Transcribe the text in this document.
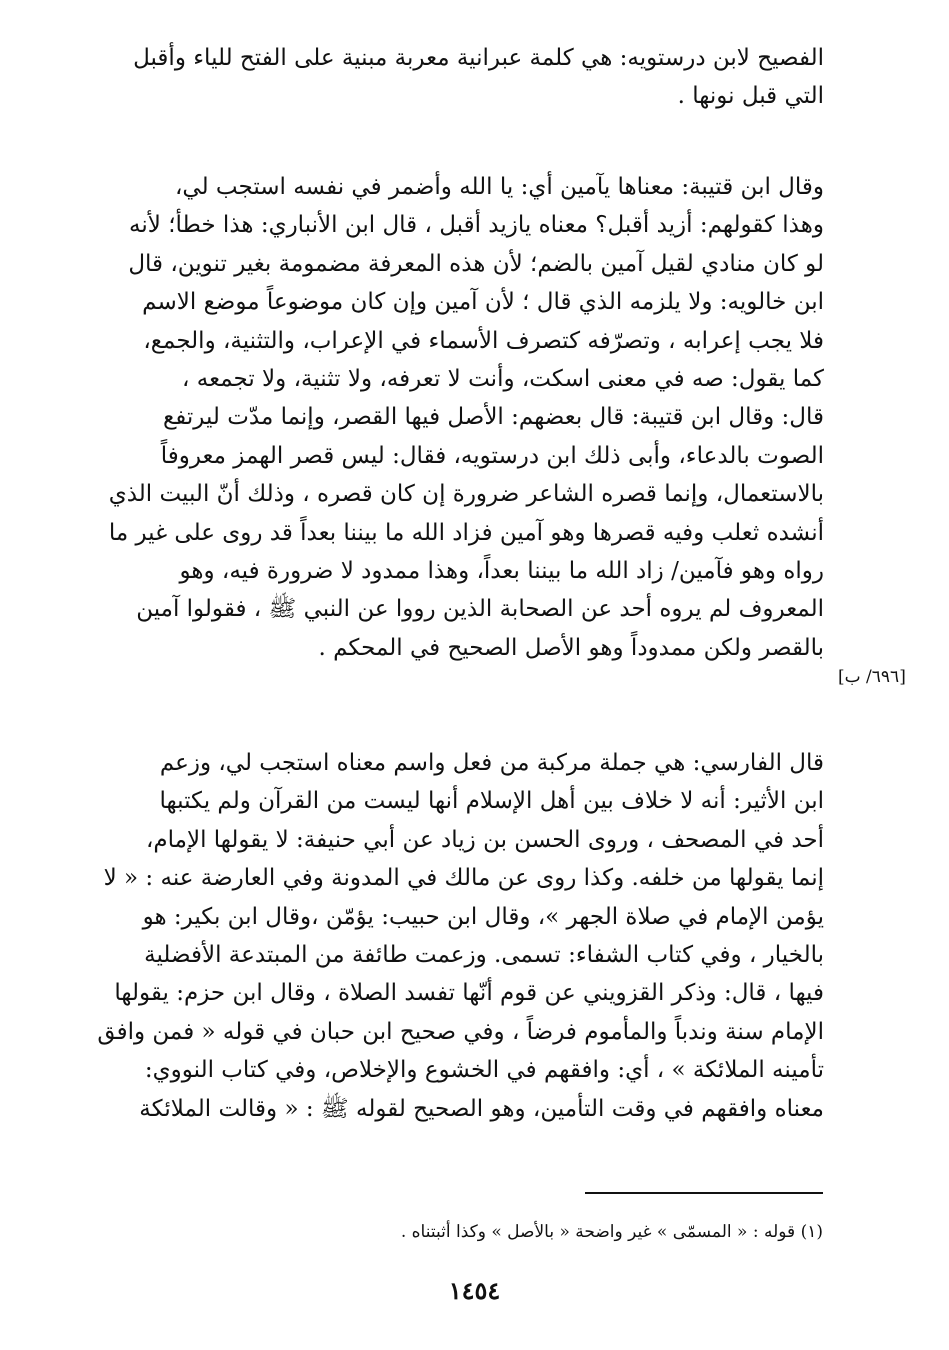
الفصيح لابن درستويه: هي كلمة عبرانية معربة مبنية على الفتح للياء وأقبل
التي قبل نونها .
وقال ابن قتيبة: معناها يآمين أي: يا الله وأضمر في نفسه استجب لي،
وهذا كقولهم: أزيد أقبل؟ معناه يازيد أقبل ، قال ابن الأنباري: هذا خطأ؛ لأنه
لو كان منادي لقيل آمين بالضم؛ لأن هذه المعرفة مضمومة بغير تنوين، قال
ابن خالويه: ولا يلزمه الذي قال ؛ لأن آمين وإن كان موضوعاً موضع الاسم
فلا يجب إعرابه ، وتصرّفه كتصرف الأسماء في الإعراب، والتثنية، والجمع،
كما يقول: صه في معنى اسكت، وأنت لا تعرفه، ولا تثنية، ولا تجمعه ،
قال: وقال ابن قتيبة: قال بعضهم: الأصل فيها القصر، وإنما مدّت ليرتفع
الصوت بالدعاء، وأبى ذلك ابن درستويه، فقال: ليس قصر الهمز معروفاً
بالاستعمال، وإنما قصره الشاعر ضرورة إن كان قصره ، وذلك أنّ البيت الذي
أنشده ثعلب وفيه قصرها وهو آمين فزاد الله ما بيننا بعداً قد روى على غير ما
رواه وهو فآمين/ زاد الله ما بيننا بعداً، وهذا ممدود لا ضرورة فيه، وهو
المعروف لم يروه أحد عن الصحابة الذين رووا عن النبي ﷺ ، فقولوا آمين
بالقصر ولكن ممدوداً وهو الأصل الصحيح في المحكم .
[٦٩٦/ ب]
قال الفارسي: هي جملة مركبة من فعل واسم معناه استجب لي، وزعم
ابن الأثير: أنه لا خلاف بين أهل الإسلام أنها ليست من القرآن ولم يكتبها
أحد في المصحف ، وروى الحسن بن زياد عن أبي حنيفة: لا يقولها الإمام،
إنما يقولها من خلفه. وكذا روى عن مالك في المدونة وفي العارضة عنه : « لا
يؤمن الإمام في صلاة الجهر »، وقال ابن حبيب: يؤمّن ،وقال ابن بكير: هو
بالخيار ، وفي كتاب الشفاء: تسمى. وزعمت طائفة من المبتدعة الأفضلية
فيها ، قال: وذكر القزويني عن قوم أنّها تفسد الصلاة ، وقال ابن حزم: يقولها
الإمام سنة وندباً والمأموم فرضاً ، وفي صحيح ابن حبان في قوله « فمن وافق
تأمينه الملائكة » ، أي: وافقهم في الخشوع والإخلاص، وفي كتاب النووي:
معناه وافقهم في وقت التأمين، وهو الصحيح لقوله ﷺ : « وقالت الملائكة
(١) قوله : « المسمّى » غير واضحة « بالأصل » وكذا أثبتناه .
١٤٥٤
